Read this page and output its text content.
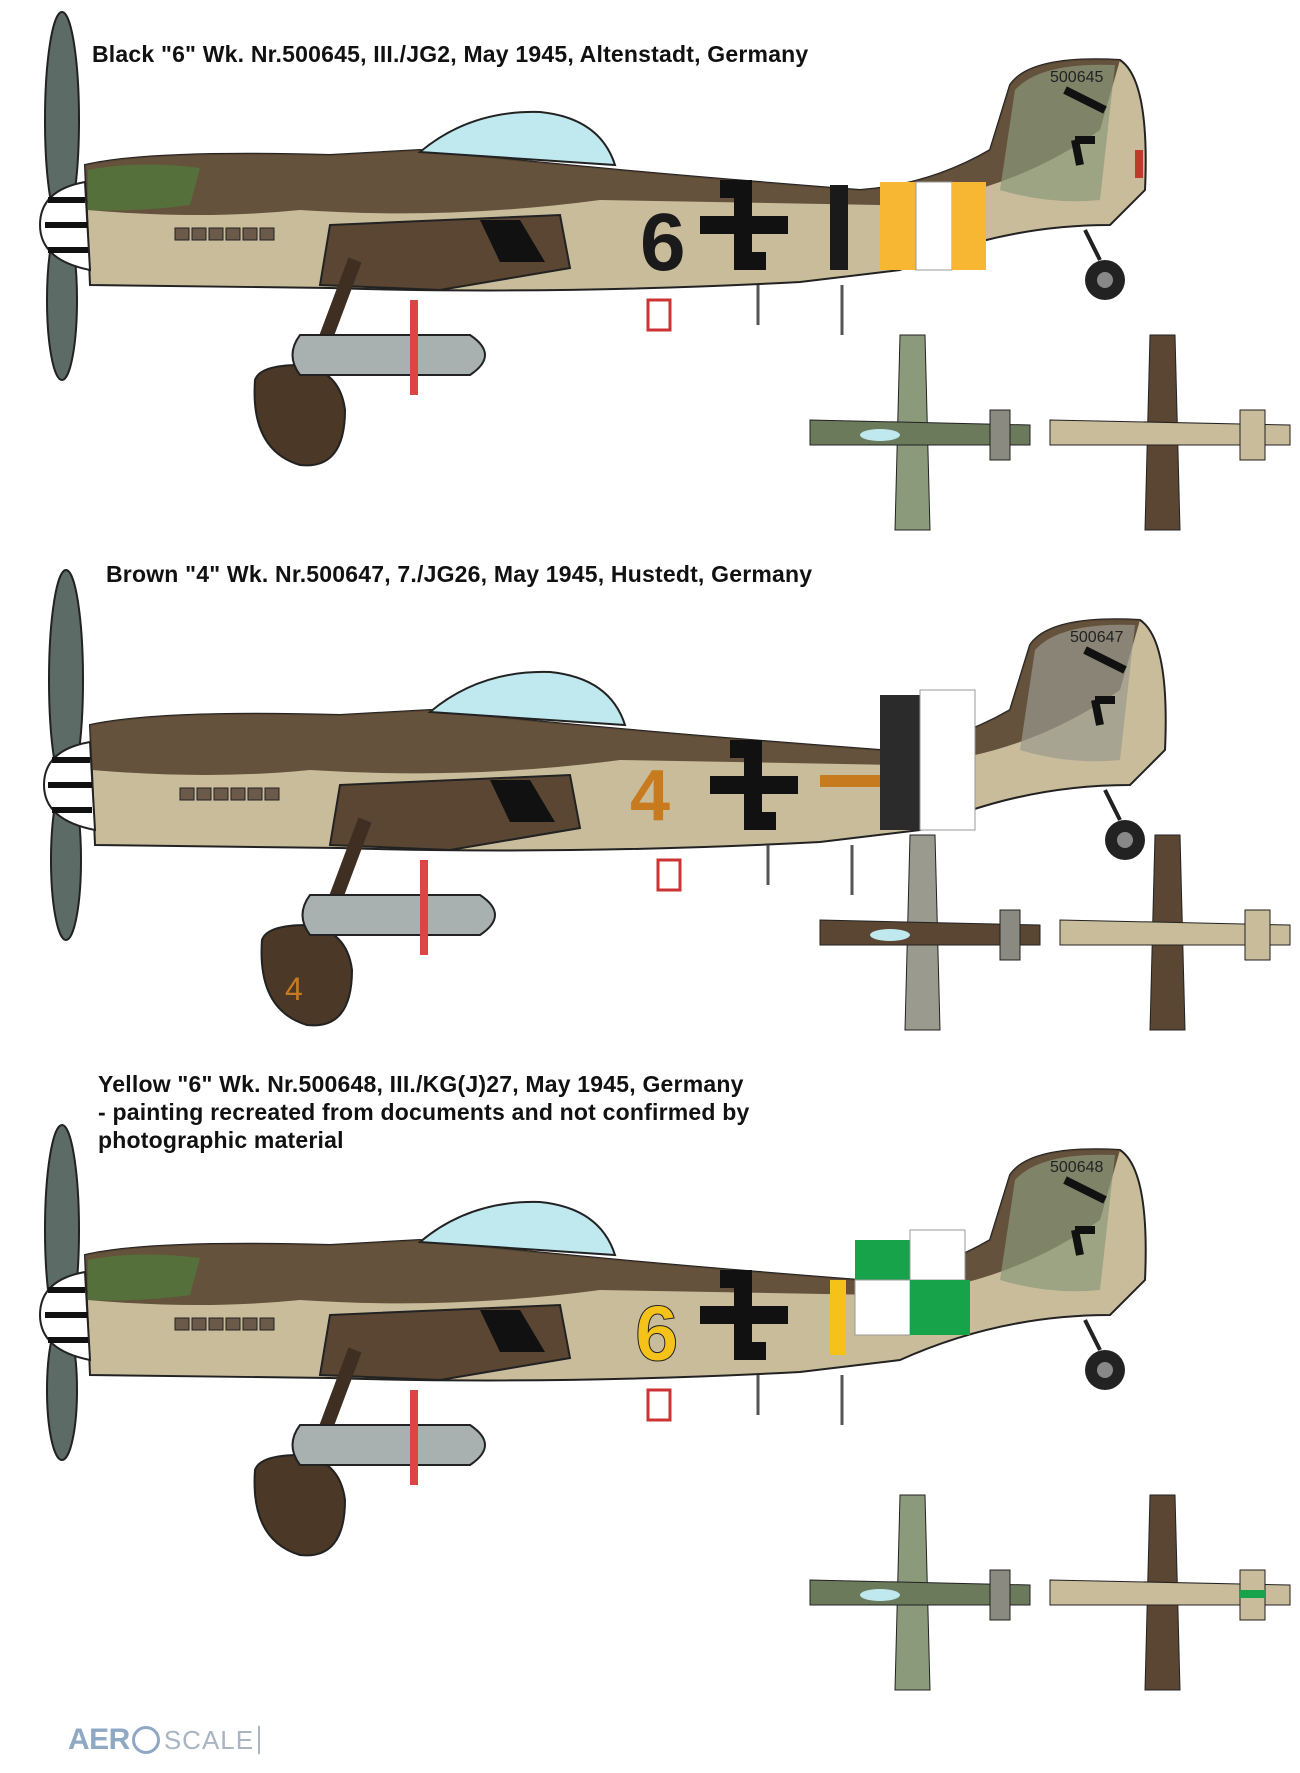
Black "6" Wk. Nr.500645, III./JG2, May 1945, Altenstadt, Germany
6
500645
Brown "4" Wk. Nr.500647, 7./JG26, May 1945, Hustedt, Germany
4
500647
4
Yellow "6" Wk. Nr.500648, III./KG(J)27, May 1945, Germany
- painting recreated from documents and not confirmed by
photographic material
6
500648
AER SCALE
